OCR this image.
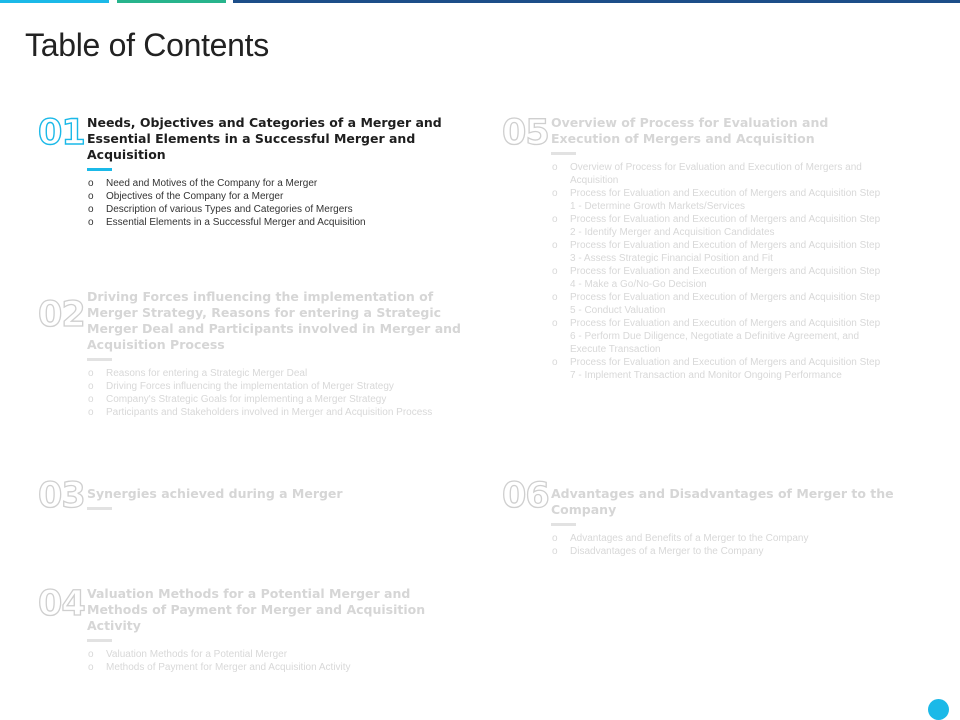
Table of Contents
01 Needs, Objectives and Categories of a Merger and Essential Elements in a Successful Merger and Acquisition
o Need and Motives of the Company for a Merger
o Objectives of the Company for a Merger
o Description of various Types and Categories of Mergers
o Essential Elements in a Successful Merger and Acquisition
02 Driving Forces influencing the implementation of Merger Strategy, Reasons for entering a Strategic Merger Deal and Participants involved in Merger and Acquisition Process
o Reasons for entering a Strategic Merger Deal
o Driving Forces influencing the implementation of Merger Strategy
o Company's Strategic Goals for implementing a Merger Strategy
o Participants and Stakeholders involved in Merger and Acquisition Process
03 Synergies achieved during a Merger
04 Valuation Methods for a Potential Merger and Methods of Payment for Merger and Acquisition Activity
o Valuation Methods for a Potential Merger
o Methods of Payment for Merger and Acquisition Activity
05 Overview of Process for Evaluation and Execution of Mergers and Acquisition
o Overview of Process for Evaluation and Execution of Mergers and Acquisition
o Process for Evaluation and Execution of Mergers and Acquisition Step 1 - Determine Growth Markets/Services
o Process for Evaluation and Execution of Mergers and Acquisition Step 2 - Identify Merger and Acquisition Candidates
o Process for Evaluation and Execution of Mergers and Acquisition Step 3 - Assess Strategic Financial Position and Fit
o Process for Evaluation and Execution of Mergers and Acquisition Step 4 - Make a Go/No-Go Decision
o Process for Evaluation and Execution of Mergers and Acquisition Step 5 - Conduct Valuation
o Process for Evaluation and Execution of Mergers and Acquisition Step 6 - Perform Due Diligence, Negotiate a Definitive Agreement, and Execute Transaction
o Process for Evaluation and Execution of Mergers and Acquisition Step 7 - Implement Transaction and Monitor Ongoing Performance
06 Advantages and Disadvantages of Merger to the Company
o Advantages and Benefits of a Merger to the Company
o Disadvantages of a Merger to the Company
